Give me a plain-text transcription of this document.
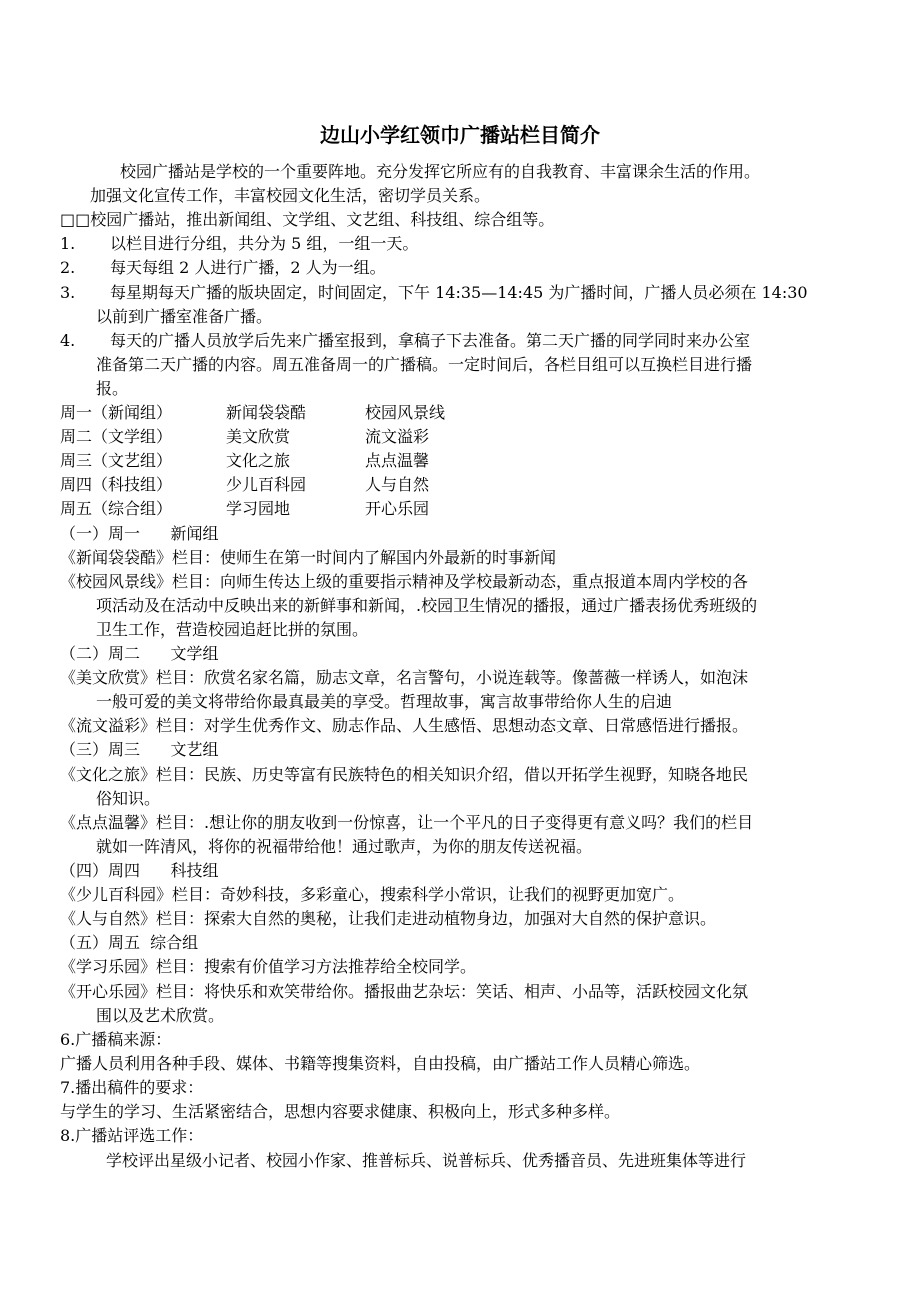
边山小学红领巾广播站栏目简介
校园广播站是学校的一个重要阵地。充分发挥它所应有的自我教育、丰富课余生活的作用。
加强文化宣传工作，丰富校园文化生活，密切学员关系。
□□校园广播站，推出新闻组、文学组、文艺组、科技组、综合组等。
1. 以栏目进行分组，共分为 5 组，一组一天。
2. 每天每组 2 人进行广播，2 人为一组。
3. 每星期每天广播的版块固定，时间固定，下午 14:35—14:45 为广播时间，广播人员必须在 14:30
以前到广播室准备广播。
4. 每天的广播人员放学后先来广播室报到，拿稿子下去准备。第二天广播的同学同时来办公室
准备第二天广播的内容。周五准备周一的广播稿。一定时间后，各栏目组可以互换栏目进行播
报。
周一（新闻组）	新闻袋袋酷	校园风景线
周二（文学组）	美文欣赏	流文溢彩
周三（文艺组）	文化之旅	点点温馨
周四（科技组）	少儿百科园	人与自然
周五（综合组）	学习园地	开心乐园
（一）周一      新闻组
《新闻袋袋酷》栏目：使师生在第一时间内了解国内外最新的时事新闻
《校园风景线》栏目：向师生传达上级的重要指示精神及学校最新动态，重点报道本周内学校的各
项活动及在活动中反映出来的新鲜事和新闻，.校园卫生情况的播报，通过广播表扬优秀班级的
卫生工作，营造校园追赶比拼的氛围。
（二）周二      文学组
《美文欣赏》栏目：欣赏名家名篇，励志文章，名言警句，小说连载等。像蔷薇一样诱人，如泡沫
一般可爱的美文将带给你最真最美的享受。哲理故事，寓言故事带给你人生的启迪
《流文溢彩》栏目：对学生优秀作文、励志作品、人生感悟、思想动态文章、日常感悟进行播报。
（三）周三      文艺组
《文化之旅》栏目：民族、历史等富有民族特色的相关知识介绍，借以开拓学生视野，知晓各地民
俗知识。
《点点温馨》栏目：.想让你的朋友收到一份惊喜，让一个平凡的日子变得更有意义吗？我们的栏目
就如一阵清风，将你的祝福带给他！通过歌声，为你的朋友传送祝福。
（四）周四      科技组
《少儿百科园》栏目：奇妙科技，多彩童心，搜索科学小常识，让我们的视野更加宽广。
《人与自然》栏目：探索大自然的奥秘，让我们走进动植物身边，加强对大自然的保护意识。
（五）周五  综合组
《学习乐园》栏目：搜索有价值学习方法推荐给全校同学。
《开心乐园》栏目：将快乐和欢笑带给你。播报曲艺杂坛：笑话、相声、小品等，活跃校园文化氛
围以及艺术欣赏。
6.广播稿来源：
广播人员利用各种手段、媒体、书籍等搜集资料，自由投稿，由广播站工作人员精心筛选。
7.播出稿件的要求：
与学生的学习、生活紧密结合，思想内容要求健康、积极向上，形式多种多样。
8.广播站评选工作：
学校评出星级小记者、校园小作家、推普标兵、说普标兵、优秀播音员、先进班集体等进行
